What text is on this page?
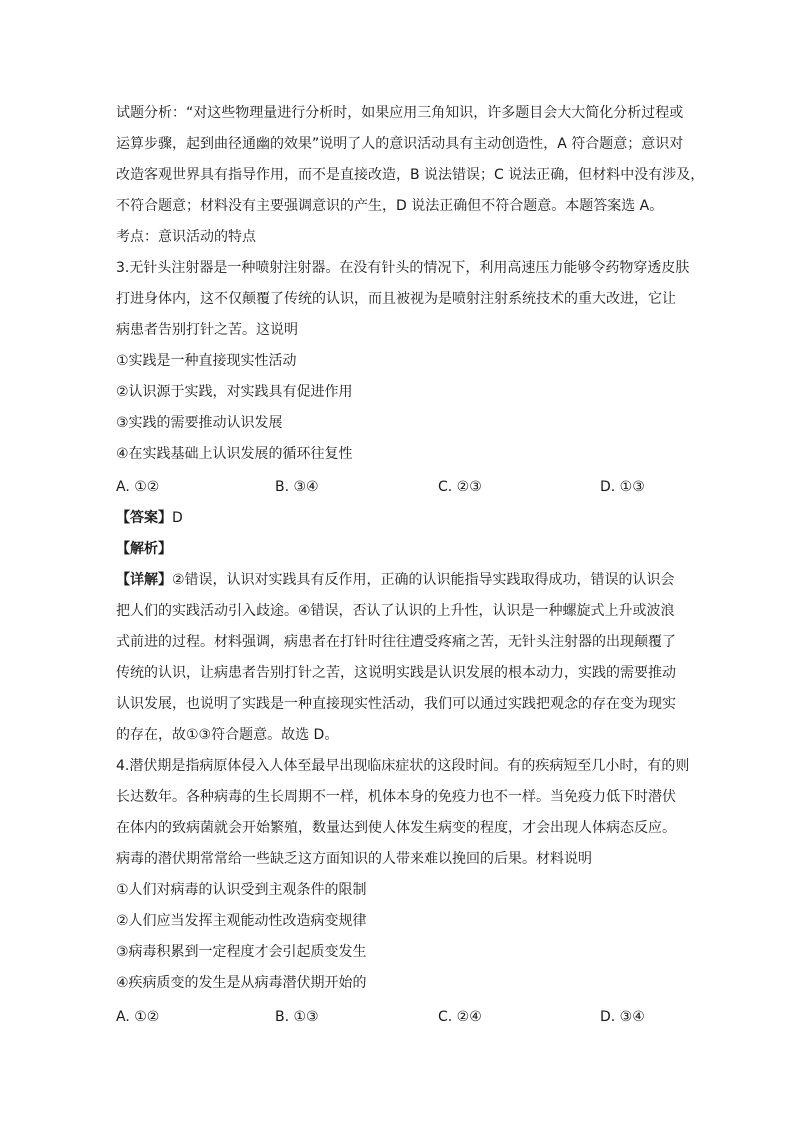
试题分析：“对这些物理量进行分析时，如果应用三角知识，许多题目会大大简化分析过程或
运算步骤，起到曲径通幽的效果”说明了人的意识活动具有主动创造性，A 符合题意；意识对
改造客观世界具有指导作用，而不是直接改造，B 说法错误；C 说法正确，但材料中没有涉及，
不符合题意；材料没有主要强调意识的产生，D 说法正确但不符合题意。本题答案选 A。
考点：意识活动的特点
3.无针头注射器是一种喷射注射器。在没有针头的情况下，利用高速压力能够令药物穿透皮肤
打进身体内，这不仅颠覆了传统的认识，而且被视为是喷射注射系统技术的重大改进，它让
病患者告别打针之苦。这说明
①实践是一种直接现实性活动
②认识源于实践，对实践具有促进作用
③实践的需要推动认识发展
④在实践基础上认识发展的循环往复性
A. ①②	B. ③④	C. ②③	D. ①③
【答案】D
【解析】
【详解】②错误，认识对实践具有反作用，正确的认识能指导实践取得成功，错误的认识会
把人们的实践活动引入歧途。④错误，否认了认识的上升性，认识是一种螺旋式上升或波浪
式前进的过程。材料强调，病患者在打针时往往遭受疼痛之苦，无针头注射器的出现颠覆了
传统的认识，让病患者告别打针之苦，这说明实践是认识发展的根本动力，实践的需要推动
认识发展，也说明了实践是一种直接现实性活动，我们可以通过实践把观念的存在变为现实
的存在，故①③符合题意。故选 D。
4.潜伏期是指病原体侵入人体至最早出现临床症状的这段时间。有的疾病短至几小时，有的则
长达数年。各种病毒的生长周期不一样，机体本身的免疫力也不一样。当免疫力低下时潜伏
在体内的致病菌就会开始繁殖，数量达到使人体发生病变的程度，才会出现人体病态反应。
病毒的潜伏期常常给一些缺乏这方面知识的人带来难以挽回的后果。材料说明
①人们对病毒的认识受到主观条件的限制
②人们应当发挥主观能动性改造病变规律
③病毒积累到一定程度才会引起质变发生
④疾病质变的发生是从病毒潜伏期开始的
A. ①②	B. ①③	C. ②④	D. ③④
